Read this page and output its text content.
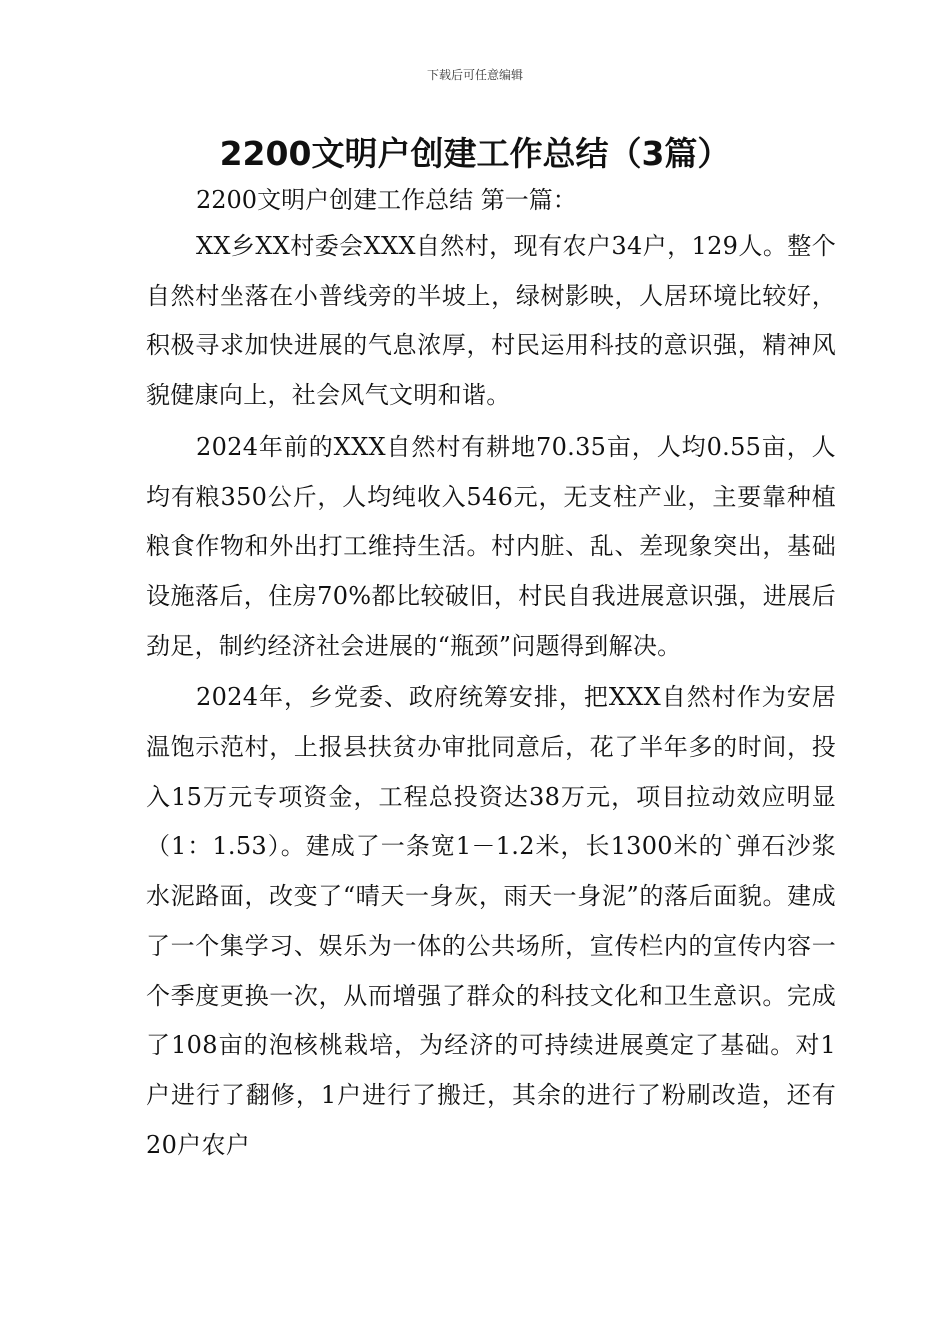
下载后可任意编辑
2200文明户创建工作总结（3篇）

2200文明户创建工作总结 第一篇：

XX乡XX村委会XXX自然村，现有农户34户，129人。整个自然村坐落在小普线旁的半坡上，绿树影映，人居环境比较好，积极寻求加快进展的气息浓厚，村民运用科技的意识强，精神风貌健康向上，社会风气文明和谐。

2024年前的XXX自然村有耕地70.35亩，人均0.55亩，人均有粮350公斤，人均纯收入546元，无支柱产业，主要靠种植粮食作物和外出打工维持生活。村内脏、乱、差现象突出，基础设施落后，住房70%都比较破旧，村民自我进展意识强，进展后劲足，制约经济社会进展的“瓶颈”问题得到解决。

2024年，乡党委、政府统筹安排，把XXX自然村作为安居温饱示范村，上报县扶贫办审批同意后，花了半年多的时间，投入15万元专项资金，工程总投资达38万元，项目拉动效应明显（1：1.53）。建成了一条宽1－1.2米，长1300米的`弹石沙浆水泥路面，改变了“晴天一身灰，雨天一身泥”的落后面貌。建成了一个集学习、娱乐为一体的公共场所，宣传栏内的宣传内容一个季度更换一次，从而增强了群众的科技文化和卫生意识。完成了108亩的泡核桃栽培，为经济的可持续进展奠定了基础。对1户进行了翻修，1户进行了搬迁，其余的进行了粉刷改造，还有20户农户
